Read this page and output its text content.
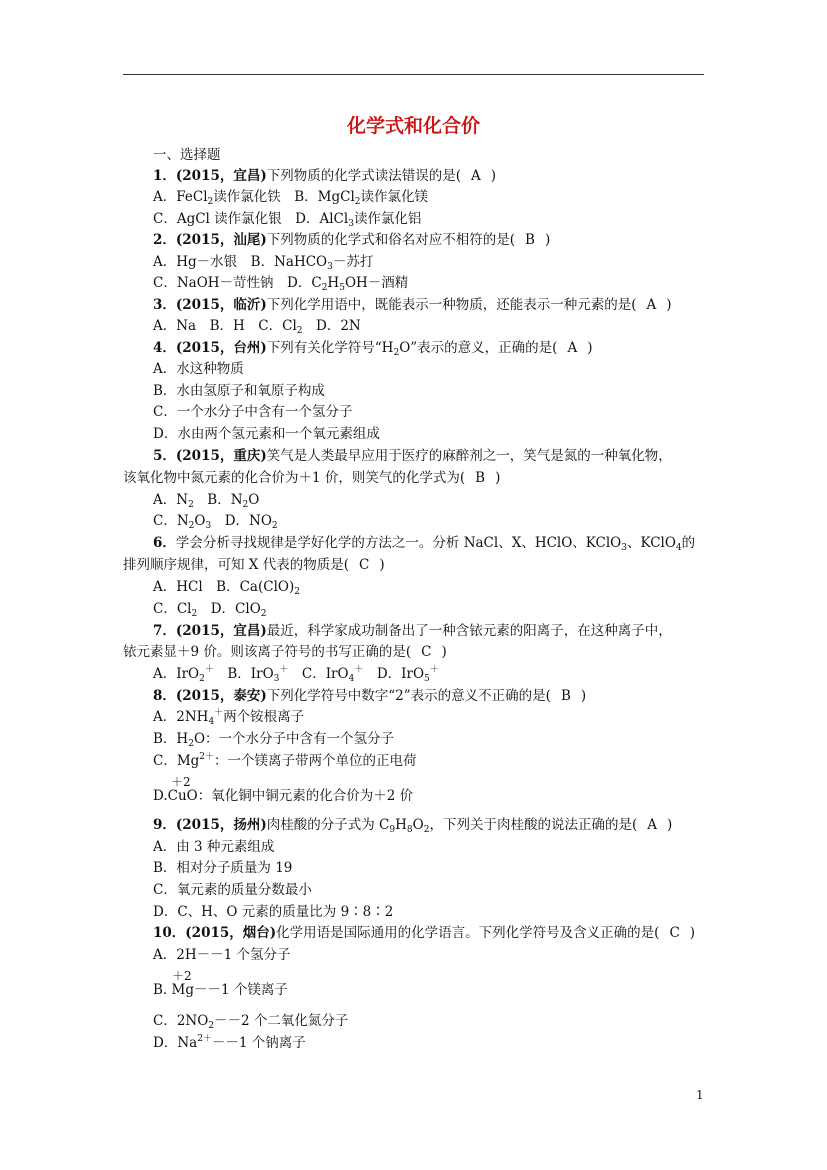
化学式和化合价
一、选择题
1．(2015，宜昌)下列物质的化学式读法错误的是( A )
A．FeCl$_2$读作氯化铁　B．MgCl$_2$读作氯化镁
C．AgCl 读作氯化银　D．AlCl$_3$读作氯化铝
2．(2015，汕尾)下列物质的化学式和俗名对应不相符的是( B )
A．Hg－水银　B．NaHCO$_3$－苏打
C．NaOH－苛性钠　D．$C_2H_5OH-$酒精
3．(2015，临沂)下列化学用语中，既能表示一种物质，还能表示一种元素的是( A )
A．Na　B．H　C．$Cl_2$　D．2N
4．(2015，台州)下列有关化学符号“$H_2O$”表示的意义，正确的是( A )
A．水这种物质
B．水由氢原子和氧原子构成
C．一个水分子中含有一个氢分子
D．水由两个氢元素和一个氧元素组成
5．(2015，重庆)笑气是人类最早应用于医疗的麻醉剂之一，笑气是氮的一种氧化物，
该氧化物中氮元素的化合价为＋1 价，则笑气的化学式为( B )
A．$N_2$　B．$N_2O$
C．$N_2O_3$　D．$NO_2$
6．学会分析寻找规律是学好化学的方法之一。分析 NaCl、X、HClO、KClO$_3$、KClO$_4$的
排列顺序规律，可知 X 代表的物质是( C )
A．HCl　B．$Ca(ClO)_2$
C．$Cl_2$　D．ClO$_2$
7．(2015，宜昌)最近，科学家成功制备出了一种含铱元素的阳离子，在这种离子中，
铱元素显＋9 价。则该离子符号的书写正确的是( C )
A．IrO$_2$＋　B．IrO$_3$＋　C．IrO$_4$＋　D．IrO$_5$＋
8．(2015，泰安)下列化学符号中数字“2”表示的意义不正确的是( B )
A．$2NH_4^+$两个铵根离子
B．$H_2O$：一个水分子中含有一个氢分子
C．$Mg^{2+}$：一个镁离子带两个单位的正电荷
＋2
D.CuO：氧化铜中铜元素的化合价为＋2 价
9．(2015，扬州)肉桂酸的分子式为 $C_9H_8O_2$，下列关于肉桂酸的说法正确的是( A )
A．由 3 种元素组成
B．相对分子质量为 19
C．氧元素的质量分数最小
D．C、H、O 元素的质量比为 9∶8∶2
10．(2015，烟台)化学用语是国际通用的化学语言。下列化学符号及含义正确的是( C )
A．2H－－1 个氢分子
＋2
B. Mg－－1 个镁离子
C．$2NO_2--2$ 个二氧化氮分子
D．$Na^{2+}--1$ 个钠离子
1
